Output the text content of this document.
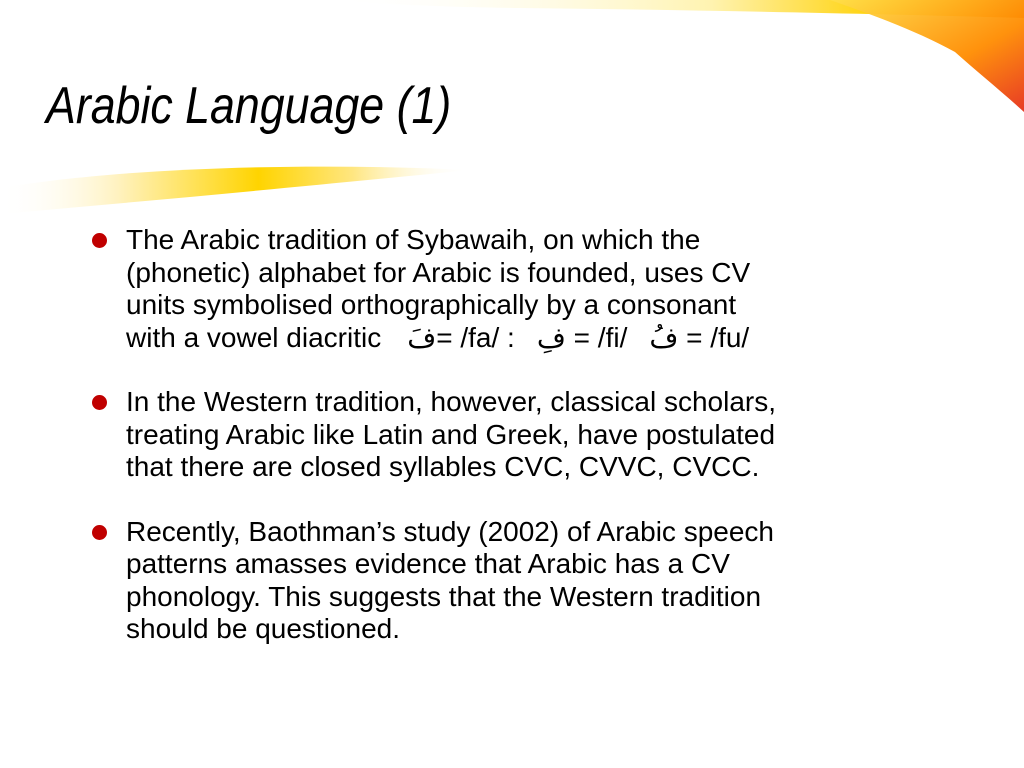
Arabic Language (1)
The Arabic tradition of Sybawaih, on which the
(phonetic) alphabet for Arabic is founded, uses CV
units symbolised orthographically by a consonant
with a vowel diacritic فَ= /fa/ : فِ = /fi/ فُ = /fu/
In the Western tradition, however, classical scholars,
treating Arabic like Latin and Greek, have postulated
that there are closed syllables CVC, CVVC, CVCC.
Recently, Baothman’s study (2002) of Arabic speech
patterns amasses evidence that Arabic has a CV
phonology. This suggests that the Western tradition
should be questioned.
